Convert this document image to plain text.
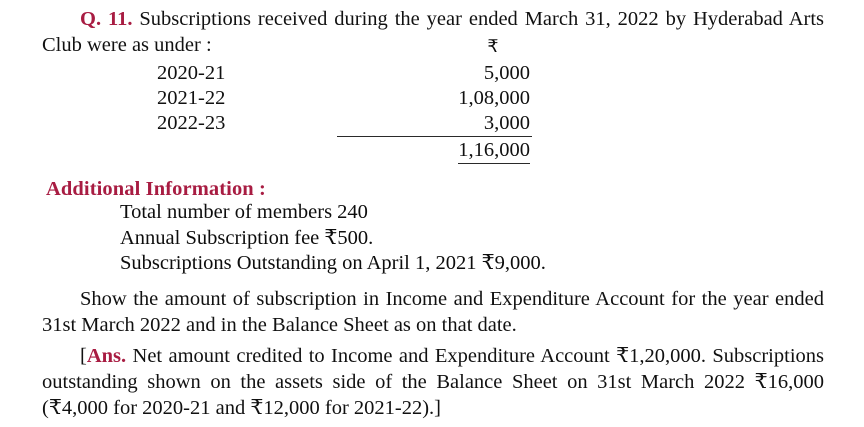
Q. 11. Subscriptions received during the year ended March 31, 2022 by Hyderabad Arts Club were as under :	₹
2020-21	5,000
2021-22	1,08,000
2022-23	3,000
	1,16,000
Additional Information :
Total number of members 240
Annual Subscription fee ₹500.
Subscriptions Outstanding on April 1, 2021 ₹9,000.
Show the amount of subscription in Income and Expenditure Account for the year ended 31st March 2022 and in the Balance Sheet as on that date.
[Ans. Net amount credited to Income and Expenditure Account ₹1,20,000. Subscriptions outstanding shown on the assets side of the Balance Sheet on 31st March 2022 ₹16,000 (₹4,000 for 2020-21 and ₹12,000 for 2021-22).]
